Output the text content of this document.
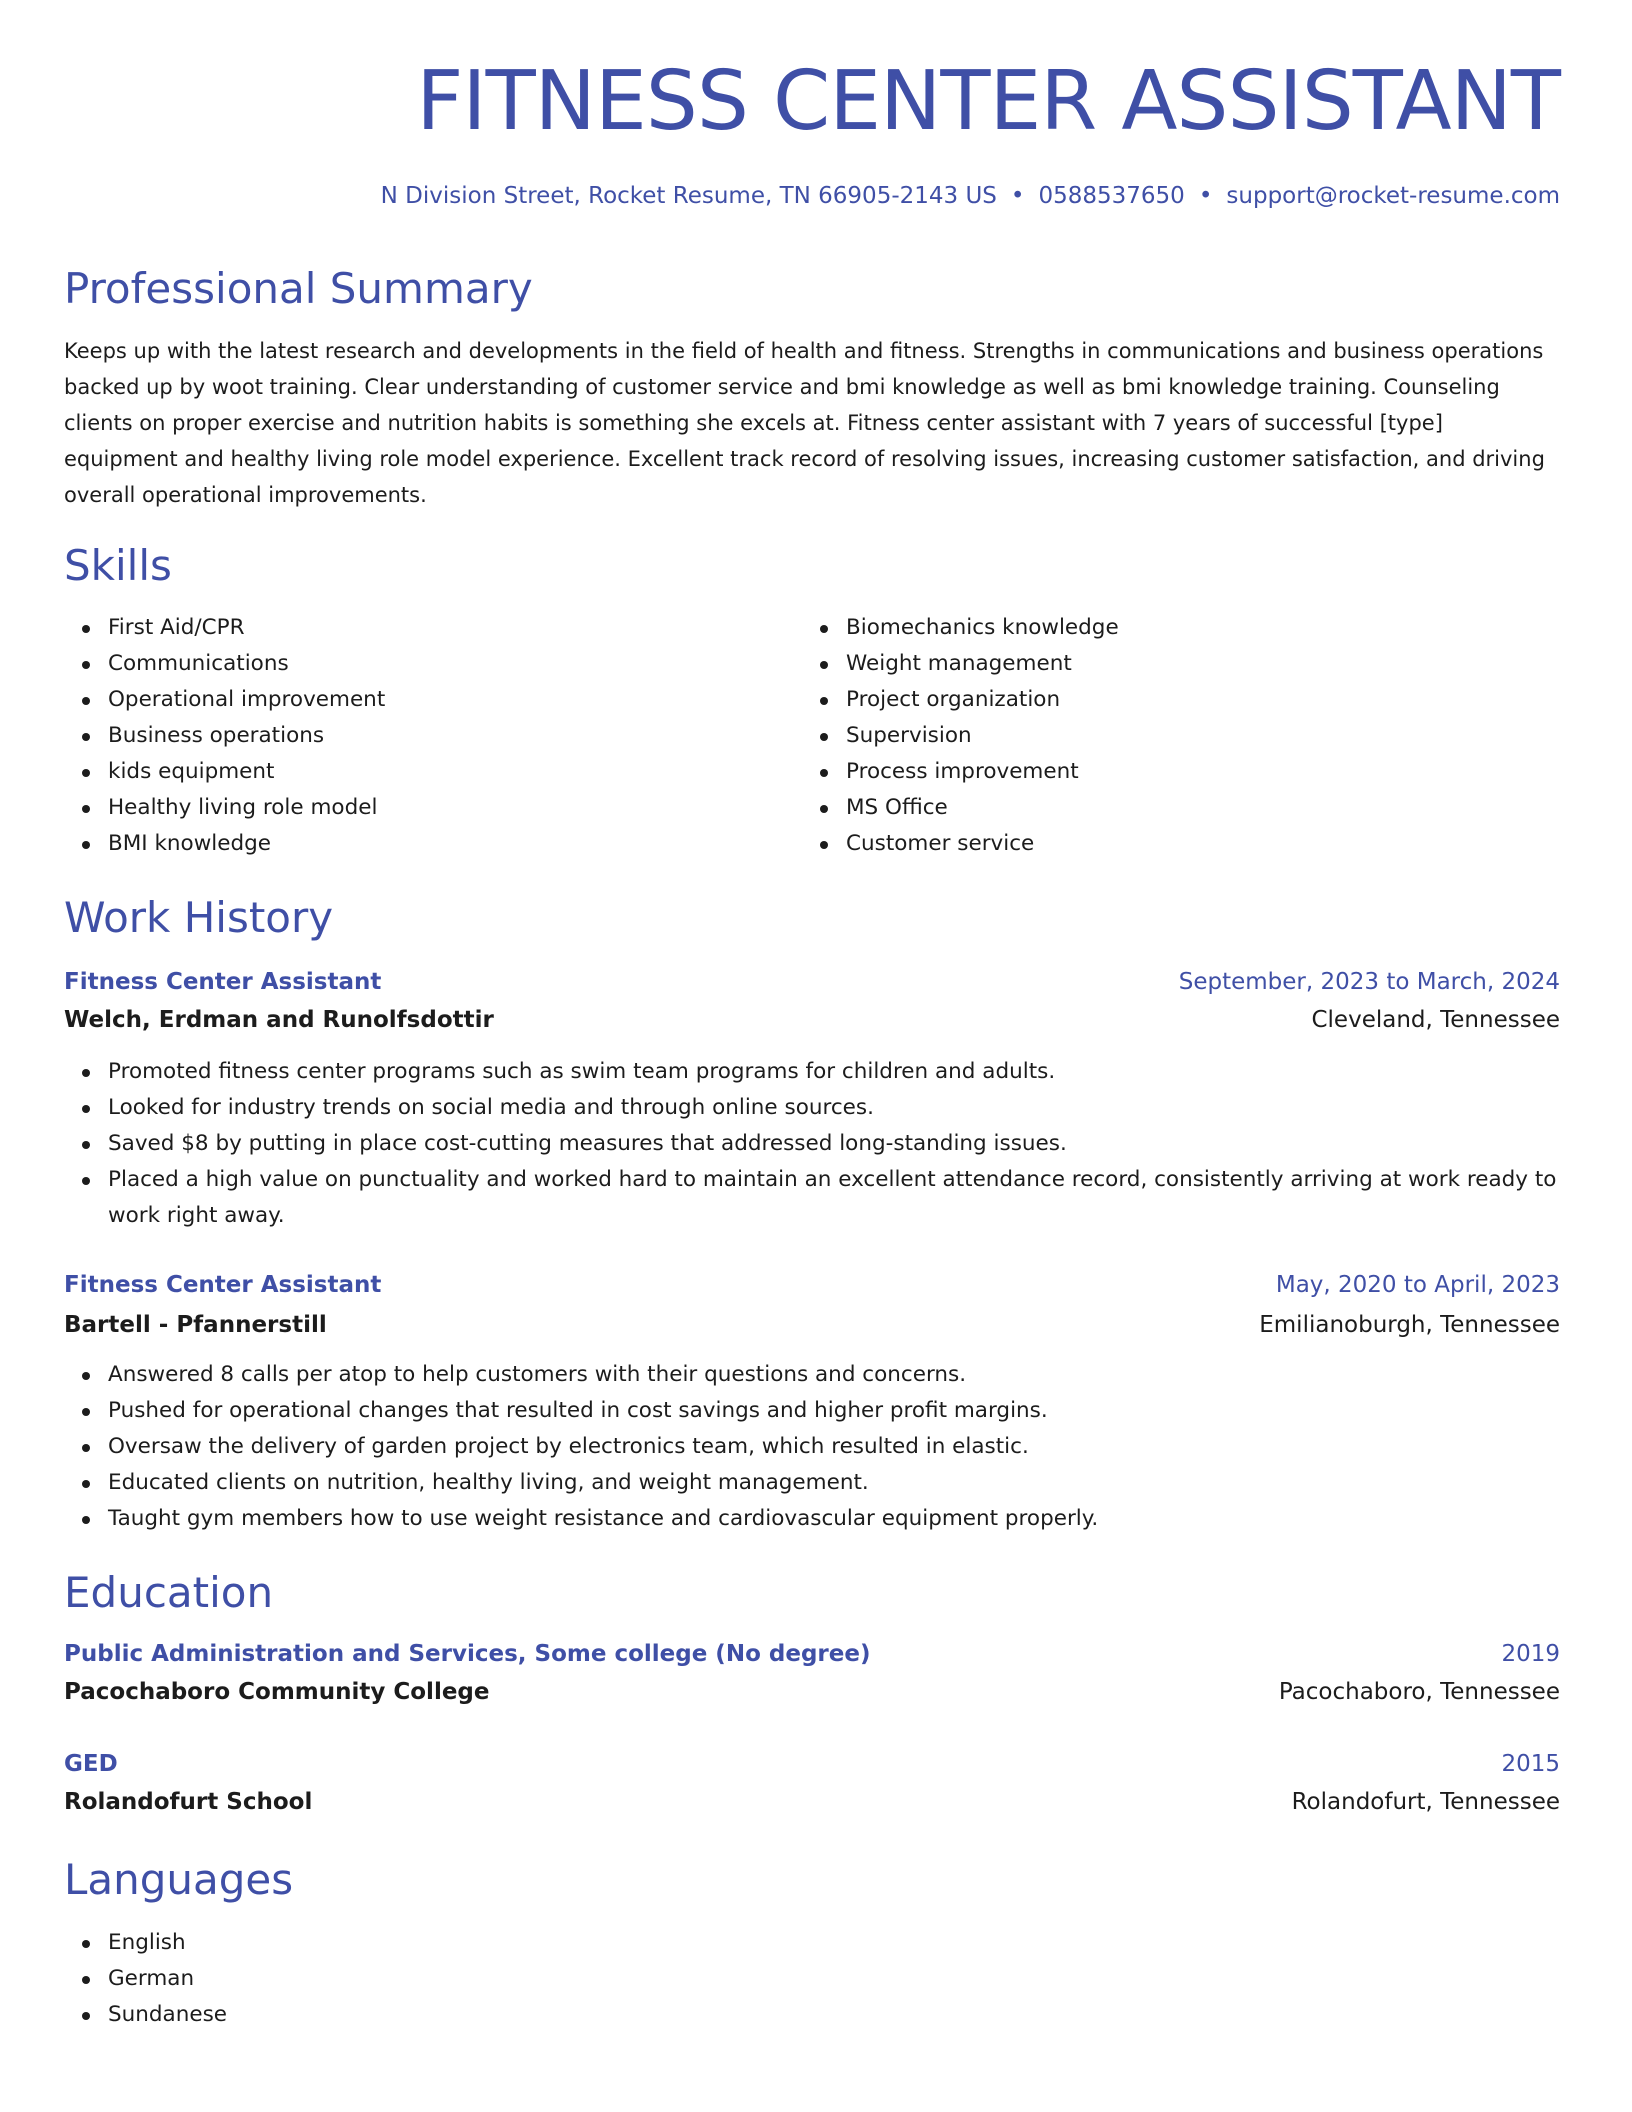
FITNESS CENTER ASSISTANT
N Division Street, Rocket Resume, TN 66905-2143 US • 0588537650 • support@rocket-resume.com
Professional Summary

Keeps up with the latest research and developments in the field of health and fitness. Strengths in communications and business operations backed up by woot training. Clear understanding of customer service and bmi knowledge as well as bmi knowledge training. Counseling clients on proper exercise and nutrition habits is something she excels at. Fitness center assistant with 7 years of successful [type] equipment and healthy living role model experience. Excellent track record of resolving issues, increasing customer satisfaction, and driving overall operational improvements.

Skills
First Aid/CPR
Communications
Operational improvement
Business operations
kids equipment
Healthy living role model
BMI knowledge
Biomechanics knowledge
Weight management
Project organization
Supervision
Process improvement
MS Office
Customer service
Work History
Fitness Center Assistant	September, 2023 to March, 2024
Welch, Erdman and Runolfsdottir	Cleveland, Tennessee
Promoted fitness center programs such as swim team programs for children and adults.
Looked for industry trends on social media and through online sources.
Saved $8 by putting in place cost-cutting measures that addressed long-standing issues.
Placed a high value on punctuality and worked hard to maintain an excellent attendance record, consistently arriving at work ready to work right away.
Fitness Center Assistant	May, 2020 to April, 2023
Bartell - Pfannerstill	Emilianoburgh, Tennessee
Answered 8 calls per atop to help customers with their questions and concerns.
Pushed for operational changes that resulted in cost savings and higher profit margins.
Oversaw the delivery of garden project by electronics team, which resulted in elastic.
Educated clients on nutrition, healthy living, and weight management.
Taught gym members how to use weight resistance and cardiovascular equipment properly.
Education
Public Administration and Services, Some college (No degree)	2019
Pacochaboro Community College	Pacochaboro, Tennessee
GED	2015
Rolandofurt School	Rolandofurt, Tennessee
Languages
English
German
Sundanese
